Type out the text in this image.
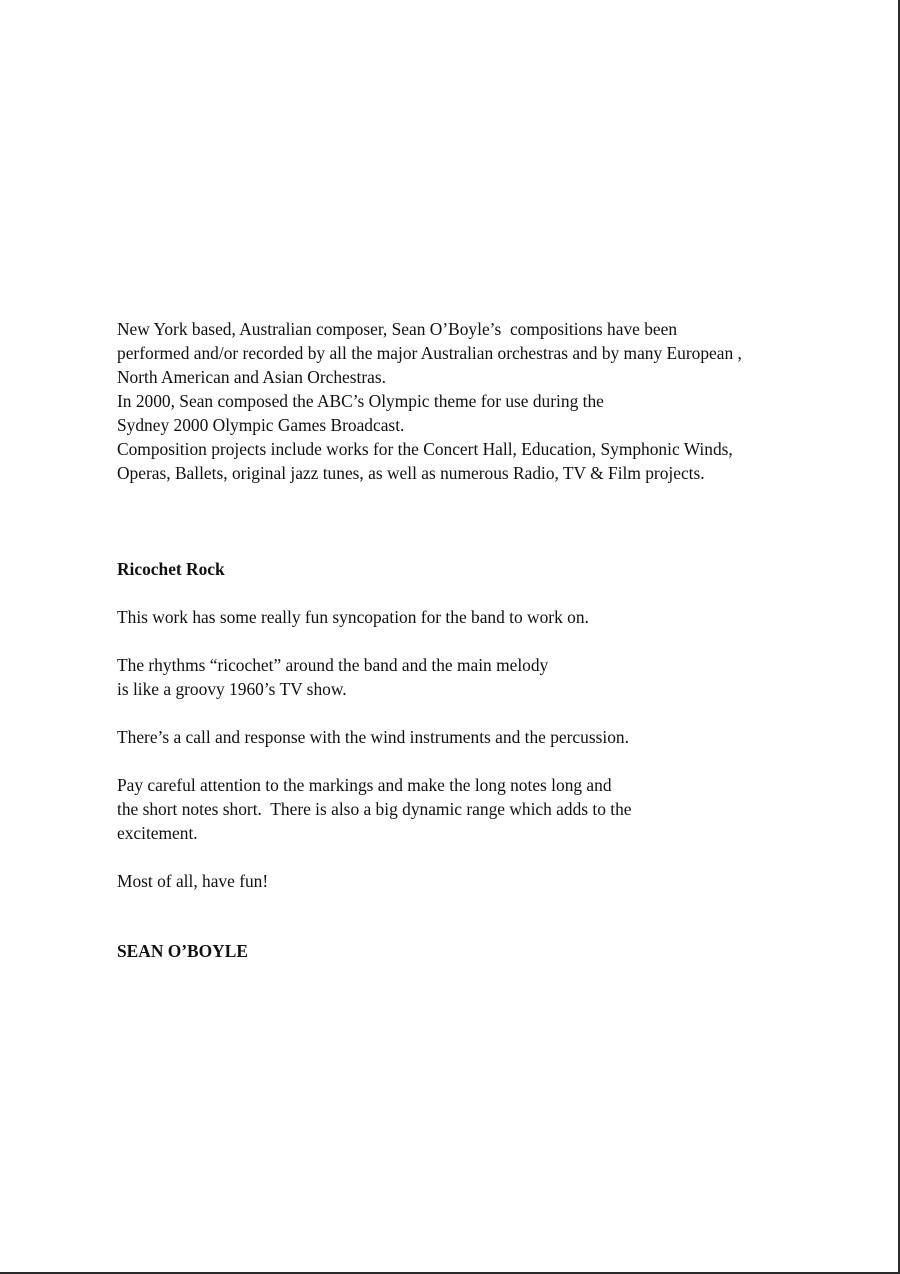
New York based, Australian composer, Sean O’Boyle’s  compositions have been
performed and/or recorded by all the major Australian orchestras and by many European ,
North American and Asian Orchestras.
In 2000, Sean composed the ABC’s Olympic theme for use during the
Sydney 2000 Olympic Games Broadcast.
Composition projects include works for the Concert Hall, Education, Symphonic Winds,
Operas, Ballets, original jazz tunes, as well as numerous Radio, TV & Film projects.
Ricochet Rock
This work has some really fun syncopation for the band to work on.
The rhythms “ricochet” around the band and the main melody
is like a groovy 1960’s TV show.
There’s a call and response with the wind instruments and the percussion.
Pay careful attention to the markings and make the long notes long and
the short notes short.  There is also a big dynamic range which adds to the
excitement.
Most of all, have fun!
SEAN O’BOYLE
